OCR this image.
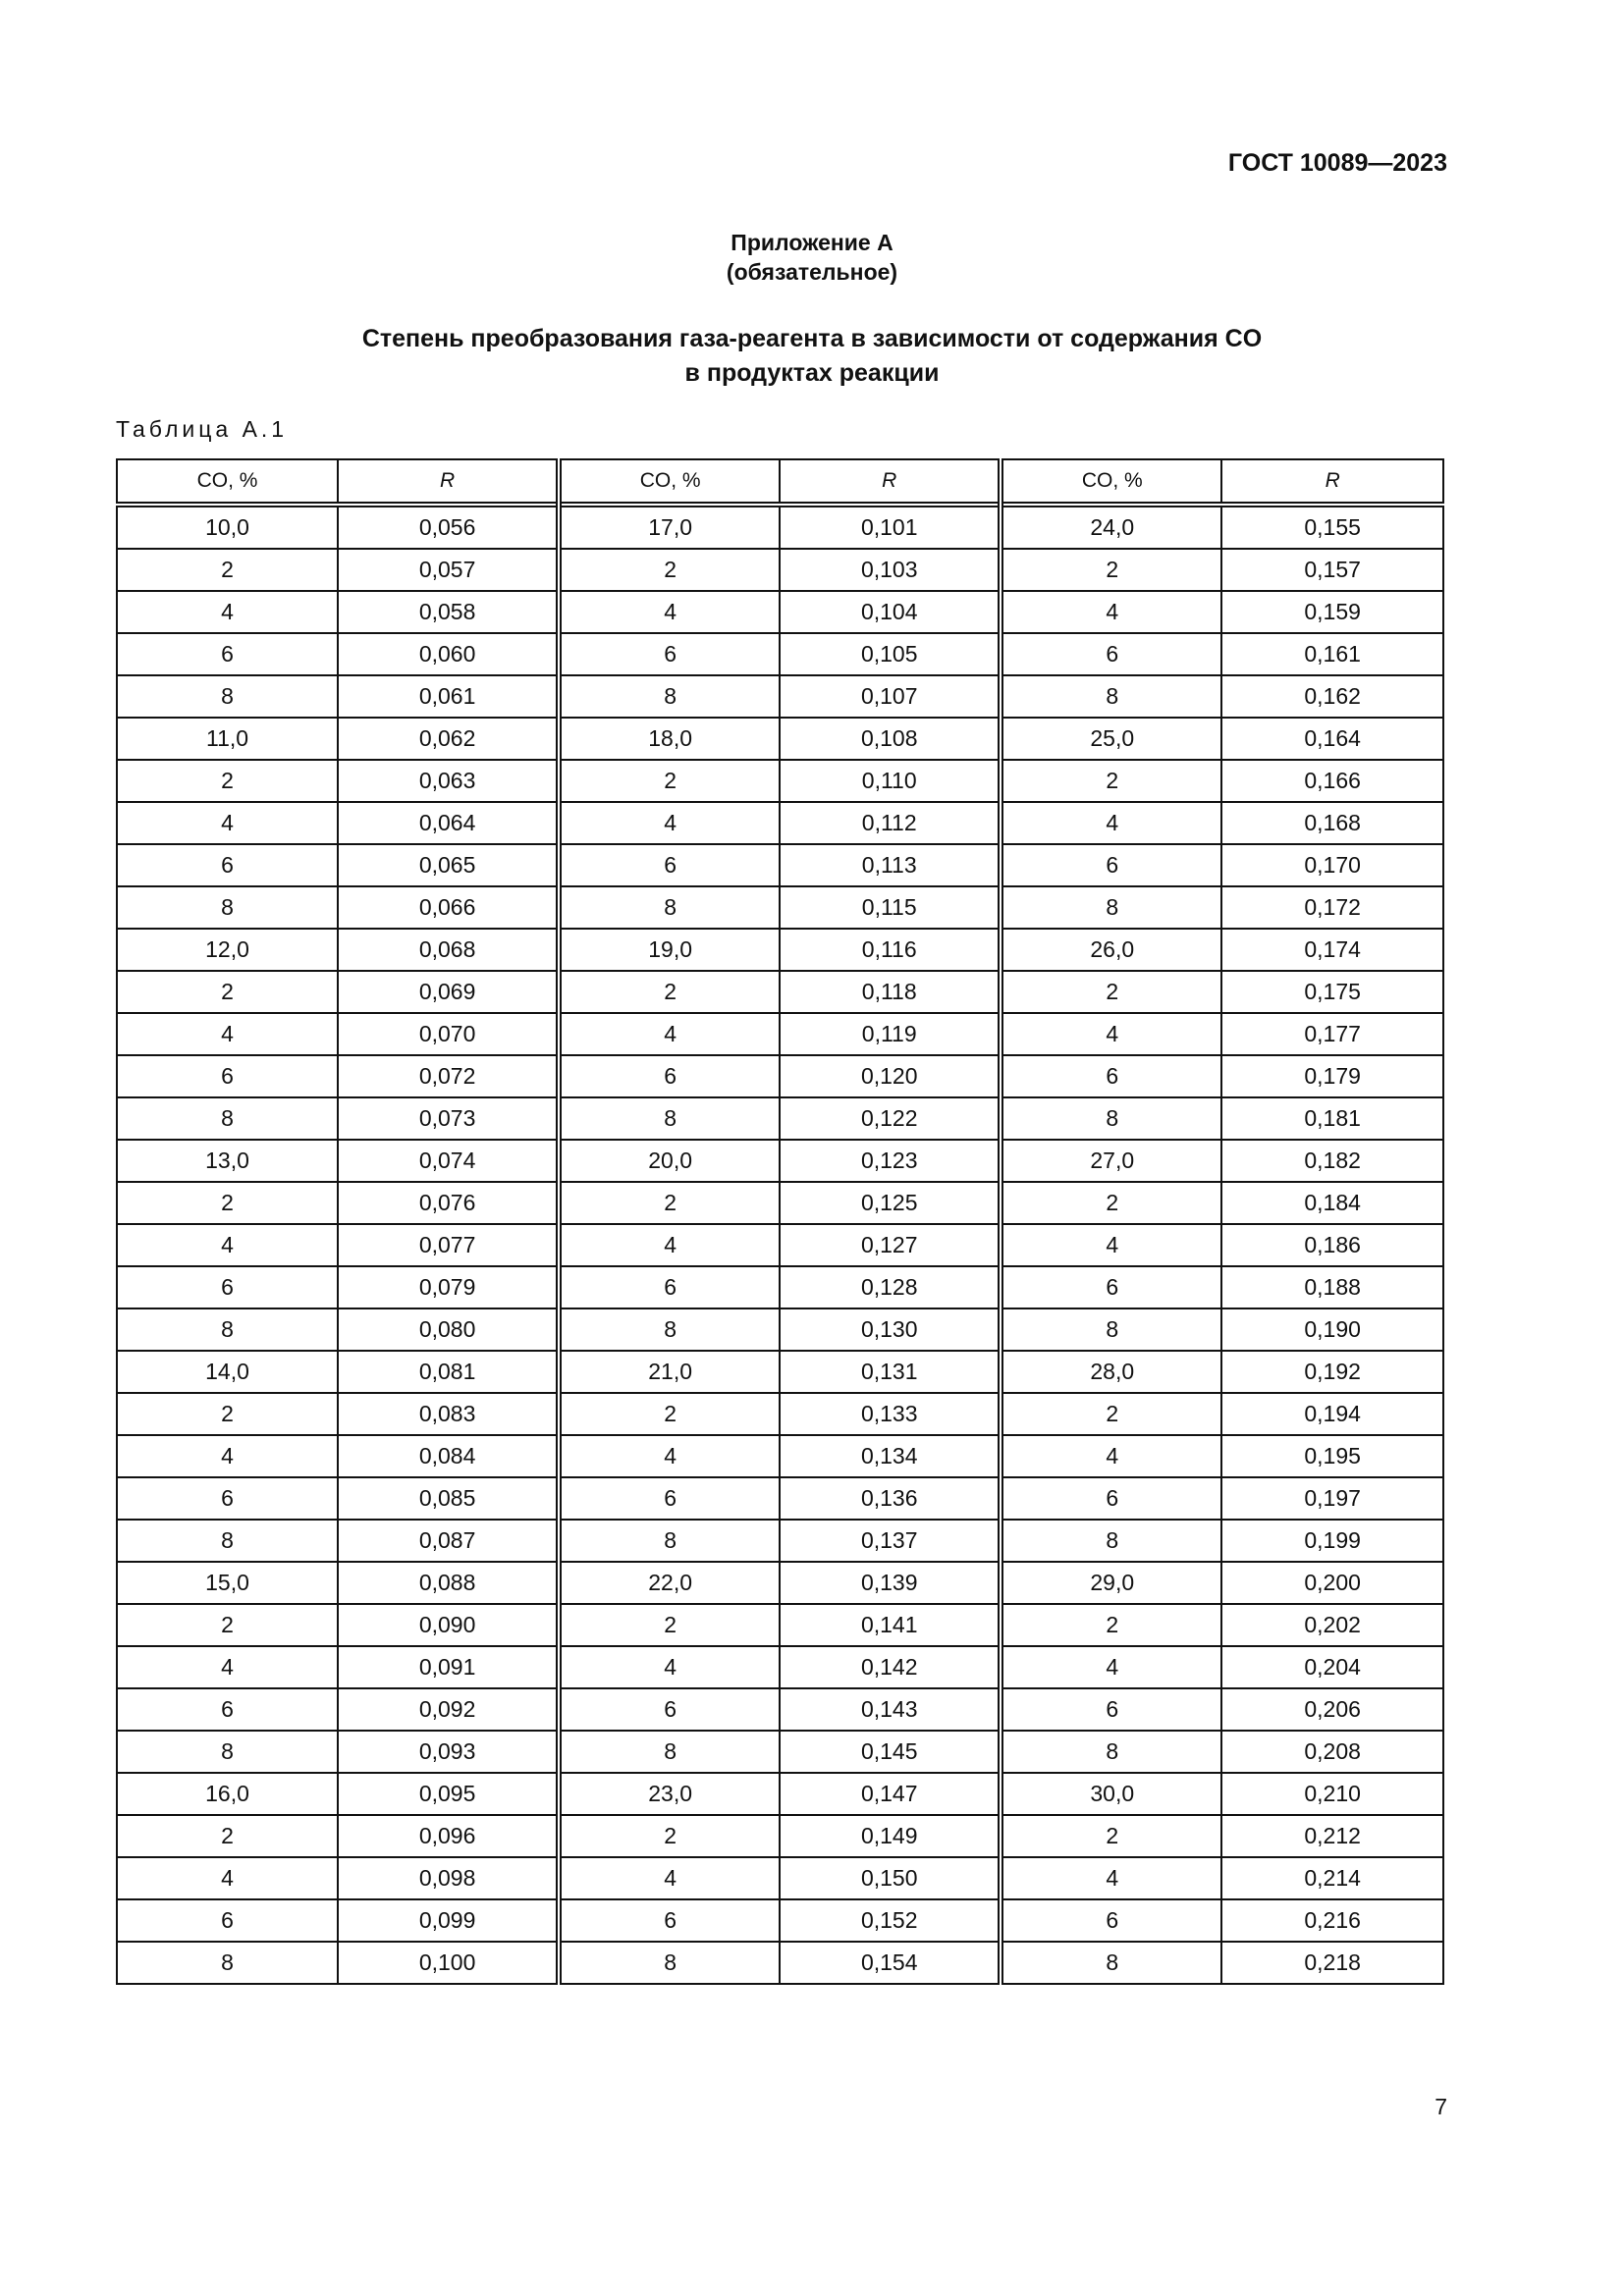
ГОСТ 10089—2023
Приложение А
(обязательное)
Степень преобразования газа-реагента в зависимости от содержания CO
в продуктах реакции
Таблица А.1
CO, %	R	CO, %	R	CO, %	R
10,0	0,056	17,0	0,101	24,0	0,155
2	0,057	2	0,103	2	0,157
4	0,058	4	0,104	4	0,159
6	0,060	6	0,105	6	0,161
8	0,061	8	0,107	8	0,162
11,0	0,062	18,0	0,108	25,0	0,164
2	0,063	2	0,110	2	0,166
4	0,064	4	0,112	4	0,168
6	0,065	6	0,113	6	0,170
8	0,066	8	0,115	8	0,172
12,0	0,068	19,0	0,116	26,0	0,174
2	0,069	2	0,118	2	0,175
4	0,070	4	0,119	4	0,177
6	0,072	6	0,120	6	0,179
8	0,073	8	0,122	8	0,181
13,0	0,074	20,0	0,123	27,0	0,182
2	0,076	2	0,125	2	0,184
4	0,077	4	0,127	4	0,186
6	0,079	6	0,128	6	0,188
8	0,080	8	0,130	8	0,190
14,0	0,081	21,0	0,131	28,0	0,192
2	0,083	2	0,133	2	0,194
4	0,084	4	0,134	4	0,195
6	0,085	6	0,136	6	0,197
8	0,087	8	0,137	8	0,199
15,0	0,088	22,0	0,139	29,0	0,200
2	0,090	2	0,141	2	0,202
4	0,091	4	0,142	4	0,204
6	0,092	6	0,143	6	0,206
8	0,093	8	0,145	8	0,208
16,0	0,095	23,0	0,147	30,0	0,210
2	0,096	2	0,149	2	0,212
4	0,098	4	0,150	4	0,214
6	0,099	6	0,152	6	0,216
8	0,100	8	0,154	8	0,218
7
